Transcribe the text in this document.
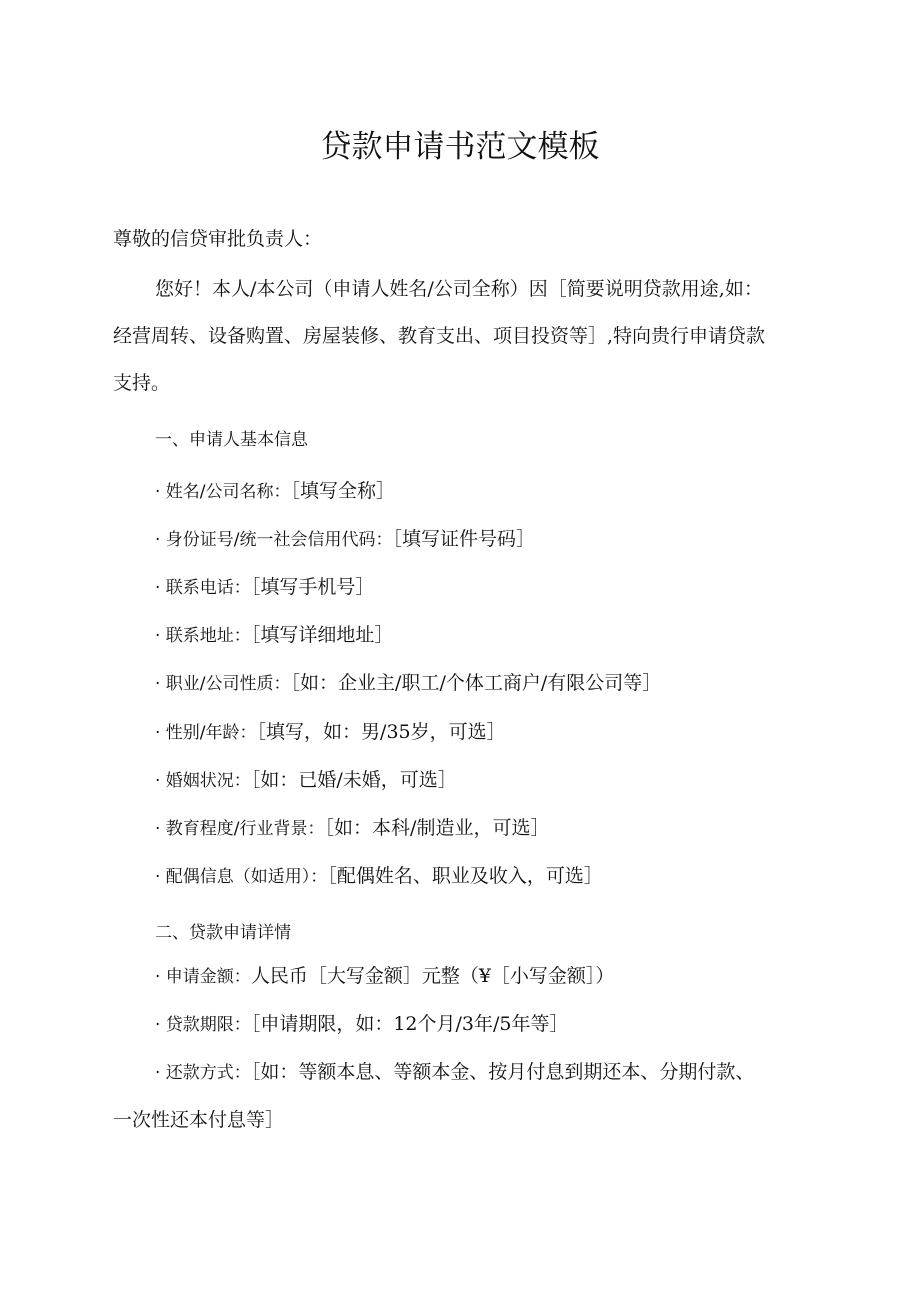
贷款申请书范文模板
尊敬的信贷审批负责人：
您好！本人/本公司（申请人姓名/公司全称）因［简要说明贷款用途,如：
经营周转、设备购置、房屋装修、教育支出、项目投资等］,特向贵行申请贷款
支持。
一、申请人基本信息
· 姓名/公司名称：［填写全称］
· 身份证号/统一社会信用代码：［填写证件号码］
· 联系电话：［填写手机号］
· 联系地址：［填写详细地址］
· 职业/公司性质：［如：企业主/职工/个体工商户/有限公司等］
· 性别/年龄：［填写，如：男/35岁，可选］
· 婚姻状况：［如：已婚/未婚，可选］
· 教育程度/行业背景：［如：本科/制造业，可选］
· 配偶信息（如适用）：［配偶姓名、职业及收入，可选］
二、贷款申请详情
· 申请金额：人民币［大写金额］元整（¥［小写金额］）
· 贷款期限：［申请期限，如：12个月/3年/5年等］
· 还款方式：［如：等额本息、等额本金、按月付息到期还本、分期付款、
一次性还本付息等］
